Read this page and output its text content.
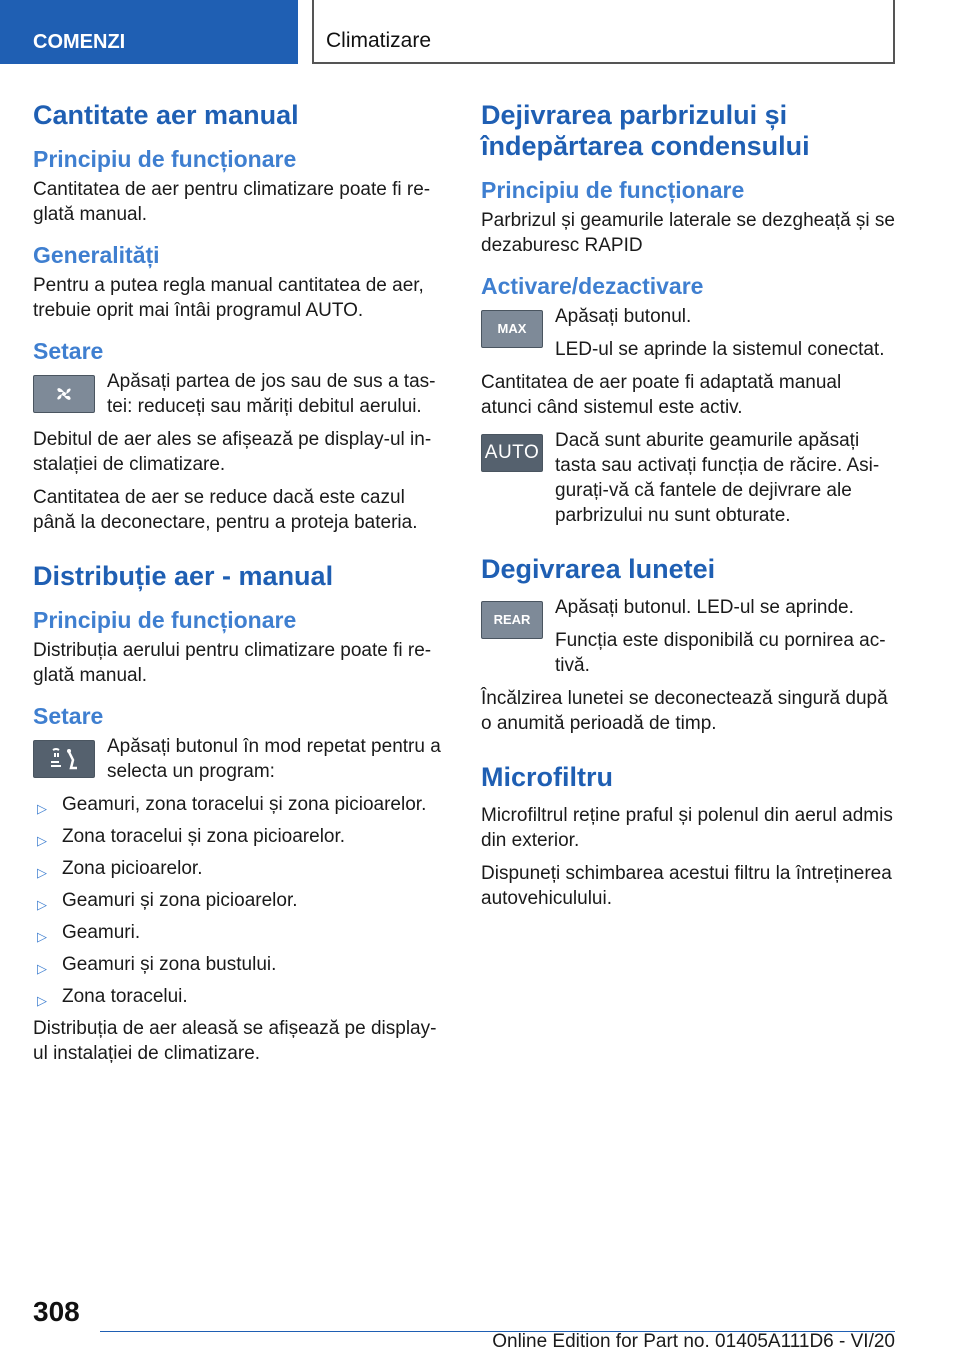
COMENZI	Climatizare
Cantitate aer manual
Principiu de funcționare

Cantitatea de aer pentru climatizare poate fi re-glată manual.

Generalități

Pentru a putea regla manual cantitatea de aer, trebuie oprit mai întâi programul AUTO.

Setare

Apăsați partea de jos sau de sus a tas-tei: reduceți sau măriți debitul aerului.

Debitul de aer ales se afișează pe display-ul in-stalației de climatizare.

Cantitatea de aer se reduce dacă este cazul până la deconectare, pentru a proteja bateria.

Distribuție aer - manual
Principiu de funcționare

Distribuția aerului pentru climatizare poate fi re-glată manual.

Setare

Apăsați butonul în mod repetat pentru a selecta un program:

▷ Geamuri, zona toracelui și zona picioarelor.
▷ Zona toracelui și zona picioarelor.
▷ Zona picioarelor.
▷ Geamuri și zona picioarelor.
▷ Geamuri.
▷ Geamuri și zona bustului.
▷ Zona toracelui.

Distribuția de aer aleasă se afișează pe display-ul instalației de climatizare.

Dejivrarea parbrizului și îndepărtarea condensului
Principiu de funcționare

Parbrizul și geamurile laterale se dezgheață și se dezaburesc RAPID

Activare/dezactivare
MAX

Apăsați butonul.

LED-ul se aprinde la sistemul conectat.

Cantitatea de aer poate fi adaptată manual atunci când sistemul este activ.

AUTO
Dacă sunt aburite geamurile apăsați tasta sau activați funcția de răcire. Asi-gurați-vă că fantele de dejivrare ale parbrizului nu sunt obturate.

Degivrarea lunetei
REAR

Apăsați butonul. LED-ul se aprinde.

Funcția este disponibilă cu pornirea ac-tivă.

Încălzirea lunetei se deconectează singură după o anumită perioadă de timp.

Microfiltru

Microfiltrul reține praful și polenul din aerul admis din exterior.

Dispuneți schimbarea acestui filtru la întreținerea autovehiculului.

308
Online Edition for Part no. 01405A111D6 - VI/20
